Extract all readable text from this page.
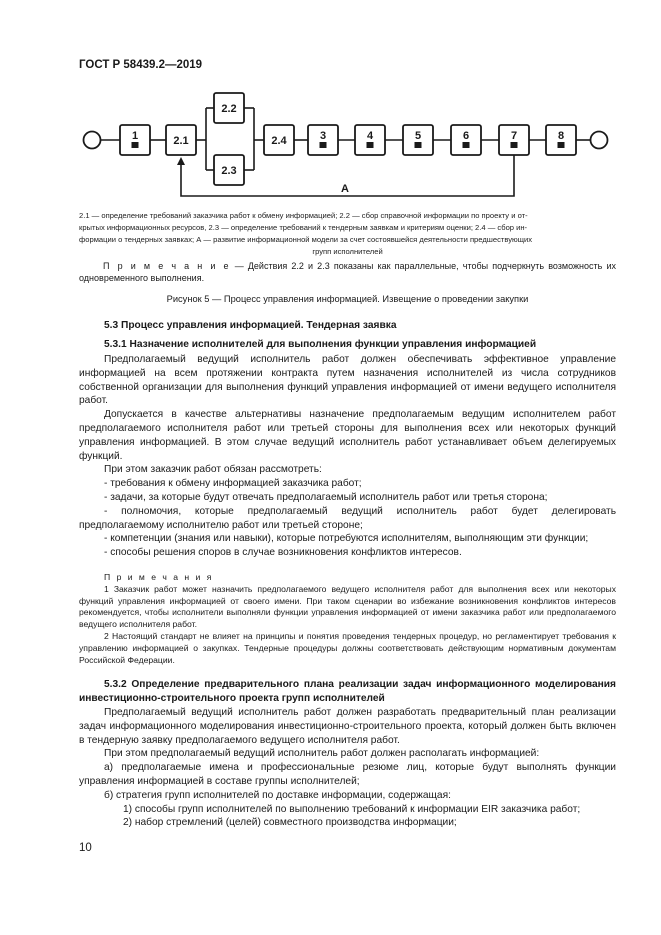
ГОСТ Р 58439.2—2019
А
1	2.1
2.2
2.3
2.4	3	4	5	6	7	8
2.1 — определение требований заказчика работ к обмену информацией; 2.2 — сбор справочной информации по проекту и от-
крытых информационных ресурсов, 2.3 — определение требований к тендерным заявкам и критериям оценки; 2.4 — сбор ин-
формации о тендерных заявках; А — развитие информационной модели за счет состоявшейся деятельности предшествующих
групп исполнителей
П р и м е ч а н и е — Действия 2.2 и 2.3 показаны как параллельные, чтобы подчеркнуть возможность их одновременного выполнения.
Рисунок 5 — Процесс управления информацией. Извещение о проведении закупки
5.3 Процесс управления информацией. Тендерная заявка
5.3.1 Назначение исполнителей для выполнения функции управления информацией

Предполагаемый ведущий исполнитель работ должен обеспечивать эффективное управление информацией на всем протяжении контракта путем назначения исполнителей из числа сотрудников собственной организации для выполнения функций управления информацией от имени ведущего исполнителя работ.

Допускается в качестве альтернативы назначение предполагаемым ведущим исполнителем работ предполагаемого исполнителя работ или третьей стороны для выполнения всех или некоторых функций управления информацией. В этом случае ведущий исполнитель работ устанавливает объем делегируемых функций.

При этом заказчик работ обязан рассмотреть:

- требования к обмену информацией заказчика работ;

- задачи, за которые будут отвечать предполагаемый исполнитель работ или третья сторона;

- полномочия, которые предполагаемый ведущий исполнитель работ будет делегировать предполагаемому исполнителю работ или третьей стороне;

- компетенции (знания или навыки), которые потребуются исполнителям, выполняющим эти функции;

- способы решения споров в случае возникновения конфликтов интересов.

П р и м е ч а н и я

1 Заказчик работ может назначить предполагаемого ведущего исполнителя работ для выполнения всех или некоторых функций управления информацией от своего имени. При таком сценарии во избежание возникновения конфликтов интересов рекомендуется, чтобы исполнители выполняли функции управления информацией от имени заказчика работ или предполагаемого ведущего исполнителя работ.

2 Настоящий стандарт не влияет на принципы и понятия проведения тендерных процедур, но регламентирует требования к управлению информацией о закупках. Тендерные процедуры должны соответствовать действующим нормативным документам Российской Федерации.

5.3.2 Определение предварительного плана реализации задач информационного моделирования инвестиционно-строительного проекта групп исполнителей

Предполагаемый ведущий исполнитель работ должен разработать предварительный план реализации задач информационного моделирования инвестиционно-строительного проекта, который должен быть включен в тендерную заявку предполагаемого ведущего исполнителя работ.

При этом предполагаемый ведущий исполнитель работ должен располагать информацией:

а) предполагаемые имена и профессиональные резюме лиц, которые будут выполнять функции управления информацией в составе группы исполнителей;

б) стратегия групп исполнителей по доставке информации, содержащая:

1) способы групп исполнителей по выполнению требований к информации EIR заказчика работ;

2) набор стремлений (целей) совместного производства информации;

10
